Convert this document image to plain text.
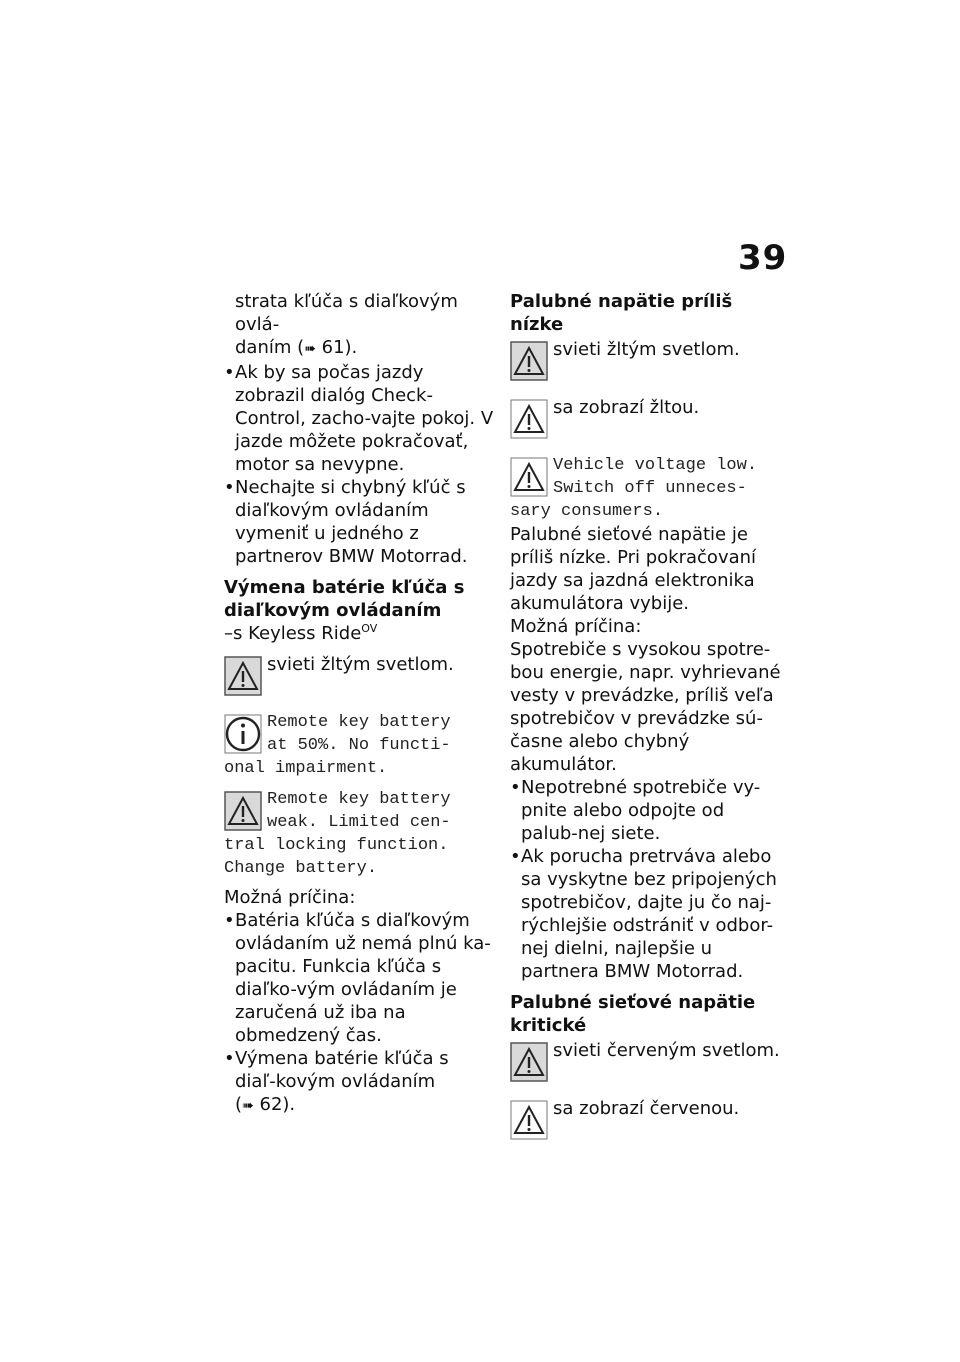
39

strata kľúča s diaľkovým ovlá-
daním (➠ 61).

• Ak by sa počas jazdy zobrazil dialóg Check-Control, zacho-vajte pokoj. V jazde môžete pokračovať, motor sa nevypne.

• Nechajte si chybný kľúč s diaľkovým ovládaním vymeniť u jedného z partnerov BMW Motorrad.

Výmena batérie kľúča s diaľkovým ovládaním

–s Keyless Ride$^{OV}$

svieti žltým svetlom.
Remote key battery
at 50%. No functi-
onal impairment.
Remote key battery
weak. Limited cen-
tral locking function.
Change battery.

Možná príčina:

• Batéria kľúča s diaľkovým ovládaním už nemá plnú ka-pacitu. Funkcia kľúča s diaľko-vým ovládaním je zaručená už iba na obmedzený čas.

• Výmena batérie kľúča s diaľ-kovým ovládaním (➠ 62).

Palubné napätie príliš nízke

svieti žltým svetlom.
sa zobrazí žltou.
Vehicle voltage low.
Switch off unneces-
sary consumers.

Palubné sieťové napätie je príliš nízke. Pri pokračovaní jazdy sa jazdná elektronika akumulátora vybije.

Možná príčina:

Spotrebiče s vysokou spotre-bou energie, napr. vyhrievané vesty v prevádzke, príliš veľa spotrebičov v prevádzke sú-časne alebo chybný akumulátor.

• Nepotrebné spotrebiče vy-pnite alebo odpojte od palub-nej siete.

• Ak porucha pretrváva alebo sa vyskytne bez pripojených spotrebičov, dajte ju čo naj-rýchlejšie odstrániť v odbor-nej dielni, najlepšie u partnera BMW Motorrad.

Palubné sieťové napätie kritické

svieti červeným svetlom.
sa zobrazí červenou.
